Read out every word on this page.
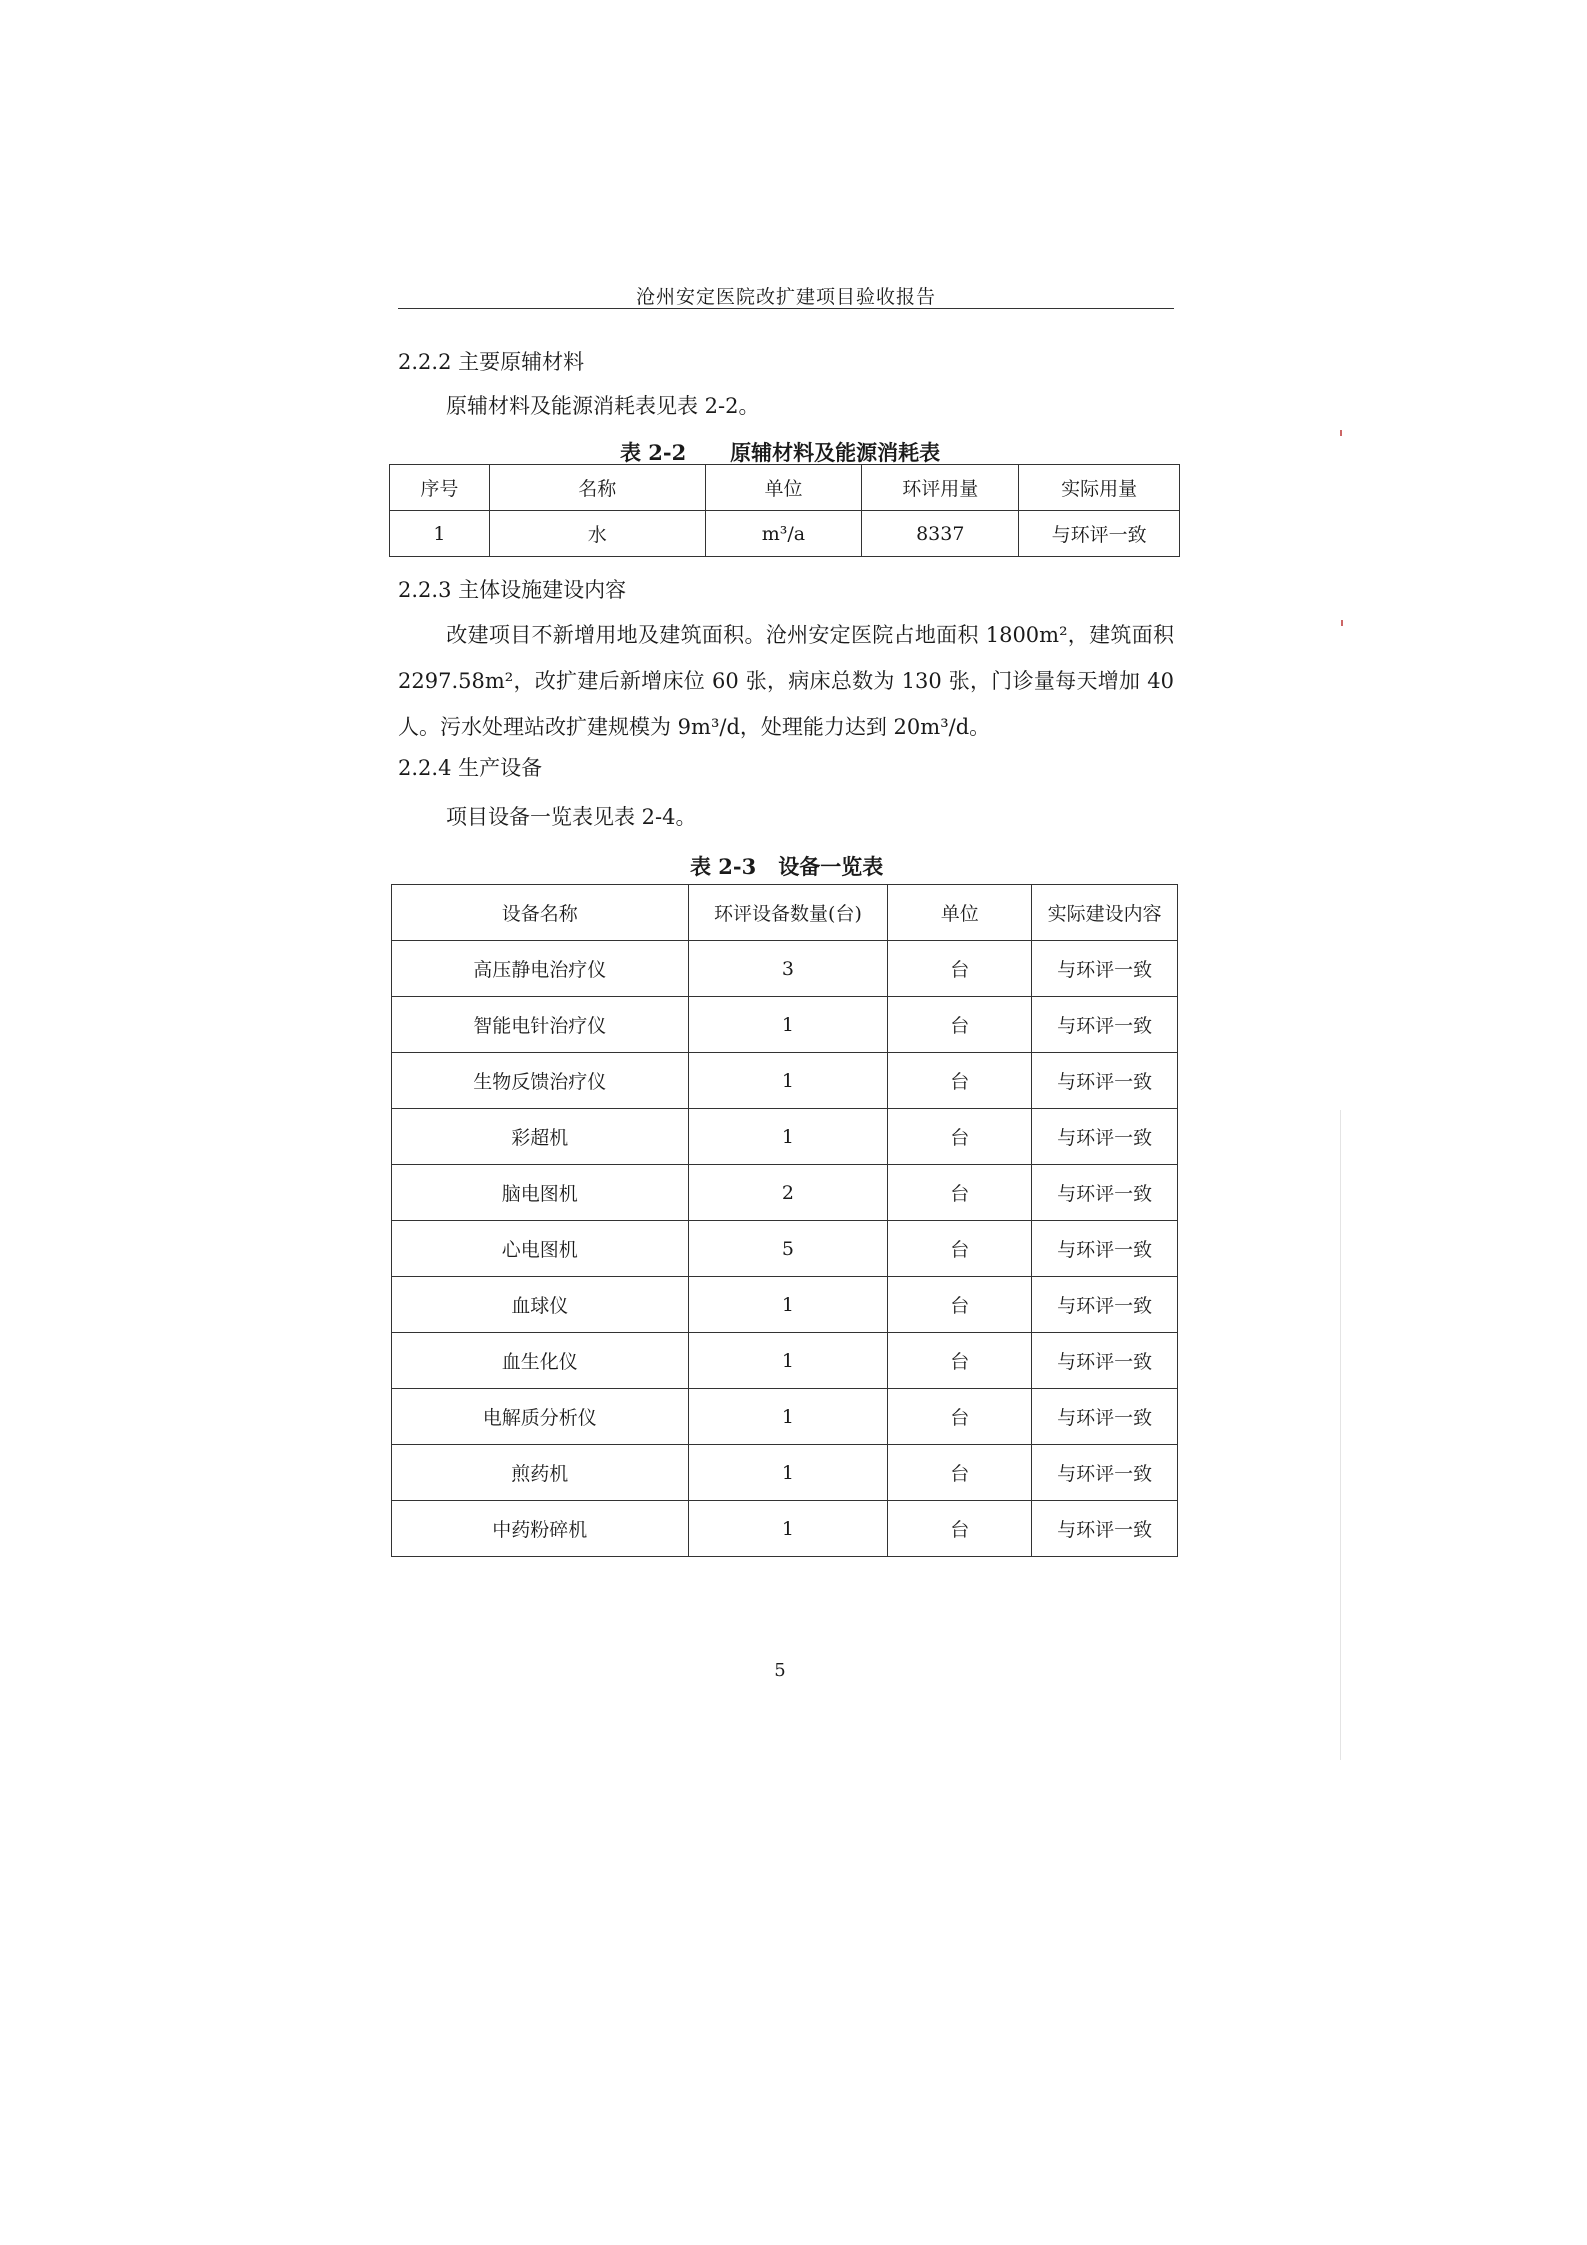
沧州安定医院改扩建项目验收报告
2.2.2 主要原辅材料
原辅材料及能源消耗表见表 2-2。
表 2-2 原辅材料及能源消耗表
序号	名称	单位	环评用量	实际用量
1	水	m³/a	8337	与环评一致
2.2.3 主体设施建设内容
改建项目不新增用地及建筑面积。沧州安定医院占地面积 1800m²，建筑面积 2297.58m²，改扩建后新增床位 60 张，病床总数为 130 张，门诊量每天增加 40 人。污水处理站改扩建规模为 9m³/d，处理能力达到 20m³/d。
2.2.4 生产设备
项目设备一览表见表 2-4。
表 2-3 设备一览表
设备名称	环评设备数量(台)	单位	实际建设内容
高压静电治疗仪	3	台	与环评一致
智能电针治疗仪	1	台	与环评一致
生物反馈治疗仪	1	台	与环评一致
彩超机	1	台	与环评一致
脑电图机	2	台	与环评一致
心电图机	5	台	与环评一致
血球仪	1	台	与环评一致
血生化仪	1	台	与环评一致
电解质分析仪	1	台	与环评一致
煎药机	1	台	与环评一致
中药粉碎机	1	台	与环评一致
5
